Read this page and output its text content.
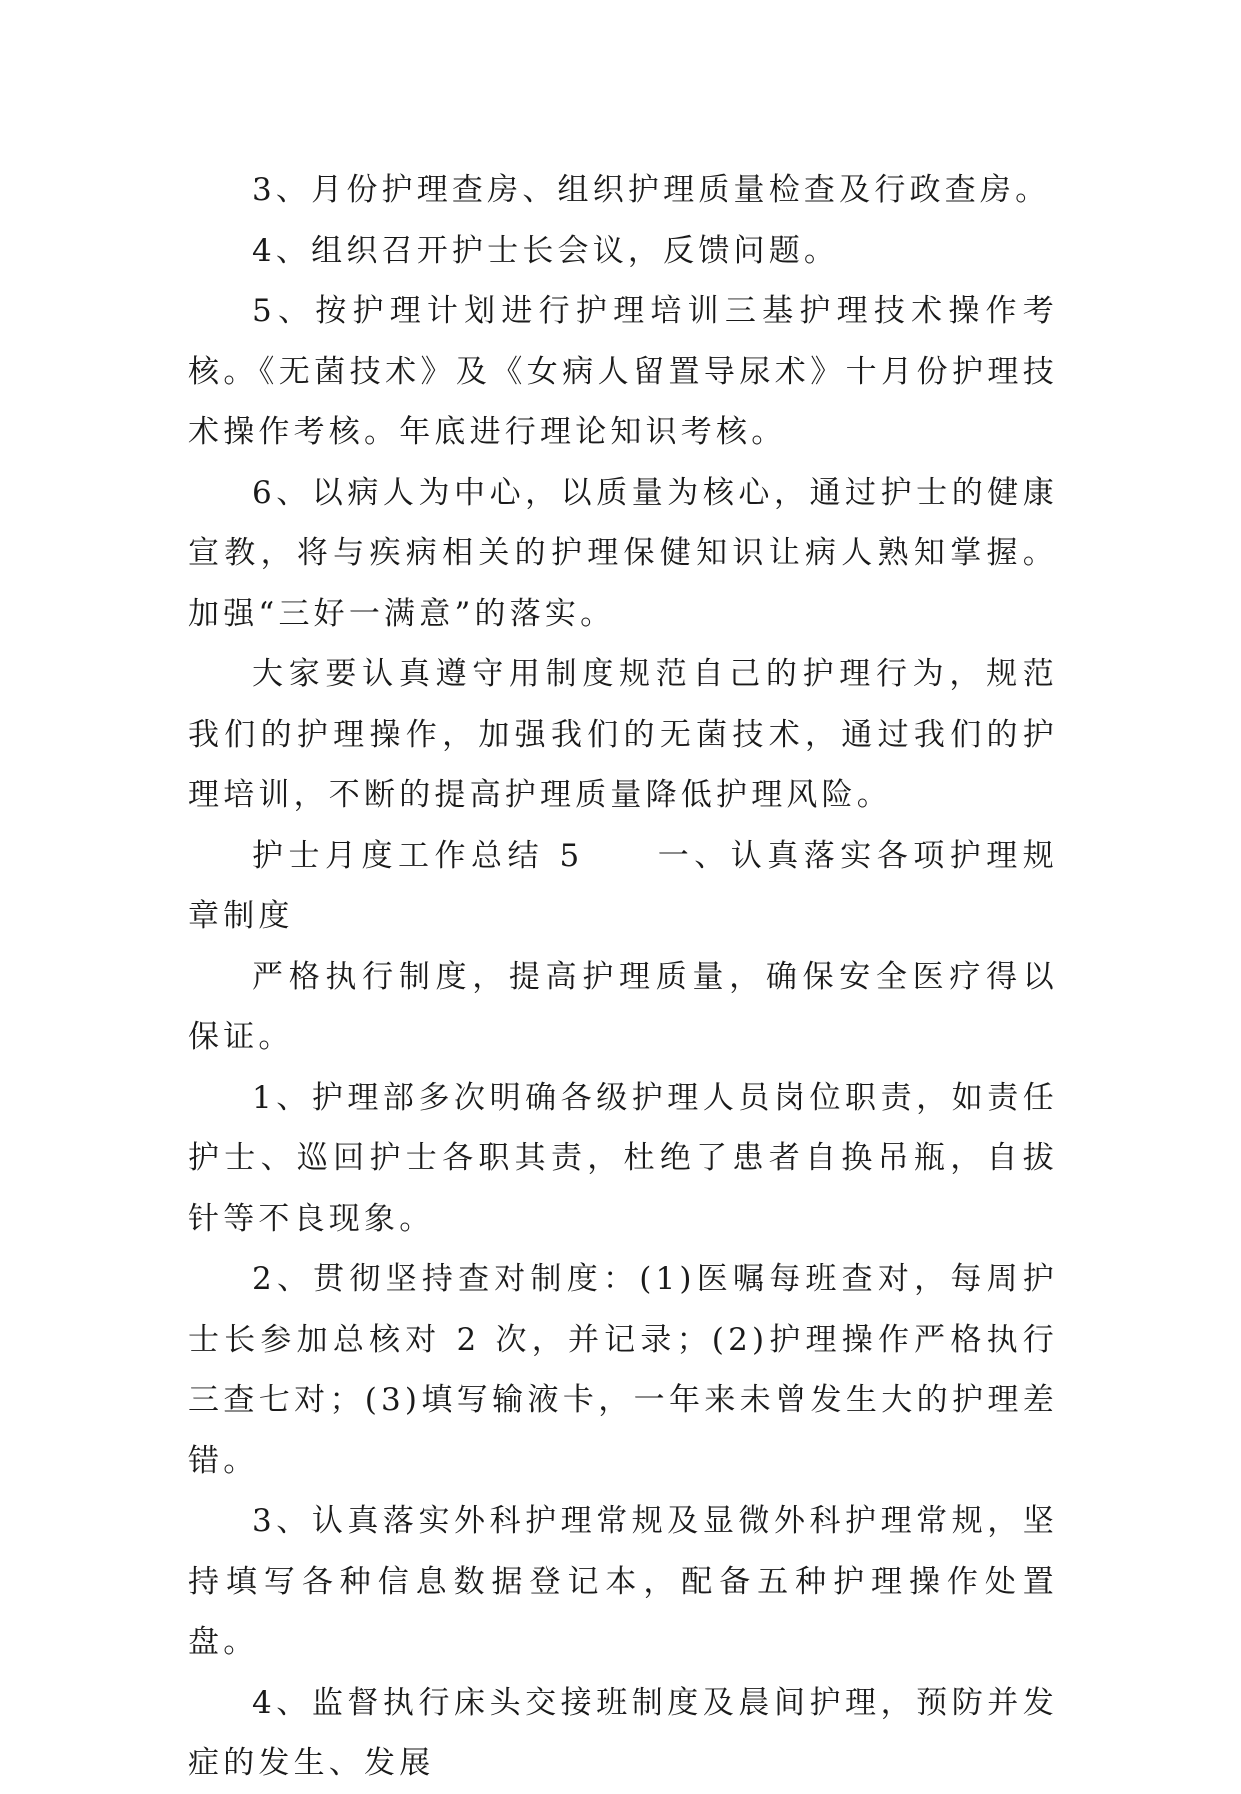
3、月份护理查房、组织护理质量检查及行政查房。

4、组织召开护士长会议，反馈问题。

5、按护理计划进行护理培训三基护理技术操作考核。《无菌技术》及《女病人留置导尿术》十月份护理技术操作考核。年底进行理论知识考核。

6、以病人为中心，以质量为核心，通过护士的健康宣教，将与疾病相关的护理保健知识让病人熟知掌握。加强“三好一满意”的落实。

大家要认真遵守用制度规范自己的护理行为，规范我们的护理操作，加强我们的无菌技术，通过我们的护理培训，不断的提高护理质量降低护理风险。

护士月度工作总结 5　　一、认真落实各项护理规章制度

严格执行制度，提高护理质量，确保安全医疗得以保证。

1、护理部多次明确各级护理人员岗位职责，如责任护士、巡回护士各职其责，杜绝了患者自换吊瓶，自拔针等不良现象。

2、贯彻坚持查对制度：(1)医嘱每班查对，每周护士长参加总核对 2 次，并记录；(2)护理操作严格执行三查七对；(3)填写输液卡，一年来未曾发生大的护理差错。

3、认真落实外科护理常规及显微外科护理常规，坚持填写各种信息数据登记本，配备五种护理操作处置盘。

4、监督执行床头交接班制度及晨间护理，预防并发症的发生、发展
